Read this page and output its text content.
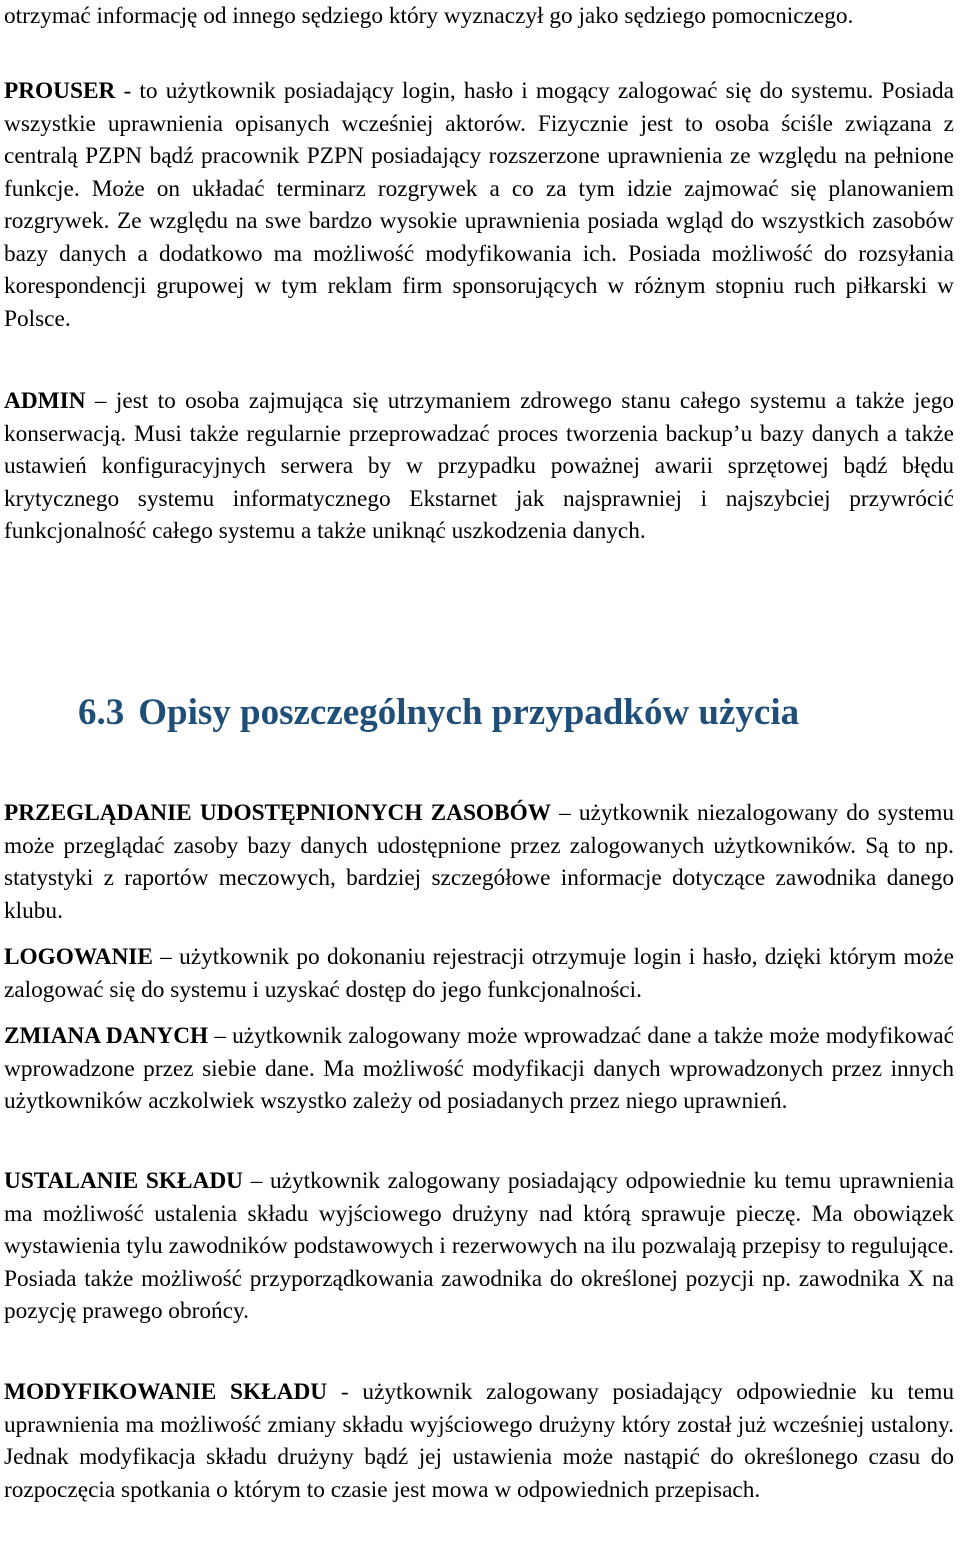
otrzymać informację od innego sędziego który wyznaczył go jako sędziego pomocniczego.

PROUSER - to użytkownik posiadający login, hasło i mogący zalogować się do systemu. Posiada wszystkie uprawnienia opisanych wcześniej aktorów. Fizycznie jest to osoba ściśle związana z centralą PZPN bądź pracownik PZPN posiadający rozszerzone uprawnienia ze względu na pełnione funkcje. Może on układać terminarz rozgrywek a co za tym idzie zajmować się planowaniem rozgrywek. Ze względu na swe bardzo wysokie uprawnienia posiada wgląd do wszystkich zasobów bazy danych a dodatkowo ma możliwość modyfikowania ich. Posiada możliwość do rozsyłania korespondencji grupowej w tym reklam firm sponsorujących w różnym stopniu ruch piłkarski w Polsce.

ADMIN – jest to osoba zajmująca się utrzymaniem zdrowego stanu całego systemu a także jego konserwacją. Musi także regularnie przeprowadzać proces tworzenia backup’u bazy danych a także ustawień konfiguracyjnych serwera by w przypadku poważnej awarii sprzętowej bądź błędu krytycznego systemu informatycznego Ekstarnet jak najsprawniej i najszybciej przywrócić funkcjonalność całego systemu a także uniknąć uszkodzenia danych.

6.3 Opisy poszczególnych przypadków użycia

PRZEGLĄDANIE UDOSTĘPNIONYCH ZASOBÓW – użytkownik niezalogowany do systemu może przeglądać zasoby bazy danych udostępnione przez zalogowanych użytkowników. Są to np. statystyki z raportów meczowych, bardziej szczegółowe informacje dotyczące zawodnika danego klubu.

LOGOWANIE – użytkownik po dokonaniu rejestracji otrzymuje login i hasło, dzięki którym może zalogować się do systemu i uzyskać dostęp do jego funkcjonalności.

ZMIANA DANYCH – użytkownik zalogowany może wprowadzać dane a także może modyfikować wprowadzone przez siebie dane. Ma możliwość modyfikacji danych wprowadzonych przez innych użytkowników aczkolwiek wszystko zależy od posiadanych przez niego uprawnień.

USTALANIE SKŁADU – użytkownik zalogowany posiadający odpowiednie ku temu uprawnienia ma możliwość ustalenia składu wyjściowego drużyny nad którą sprawuje pieczę. Ma obowiązek wystawienia tylu zawodników podstawowych i rezerwowych na ilu pozwalają przepisy to regulujące. Posiada także możliwość przyporządkowania zawodnika do określonej pozycji np. zawodnika X na pozycję prawego obrońcy.

MODYFIKOWANIE SKŁADU - użytkownik zalogowany posiadający odpowiednie ku temu uprawnienia ma możliwość zmiany składu wyjściowego drużyny który został już wcześniej ustalony. Jednak modyfikacja składu drużyny bądź jej ustawienia może nastąpić do określonego czasu do rozpoczęcia spotkania o którym to czasie jest mowa w odpowiednich przepisach.
